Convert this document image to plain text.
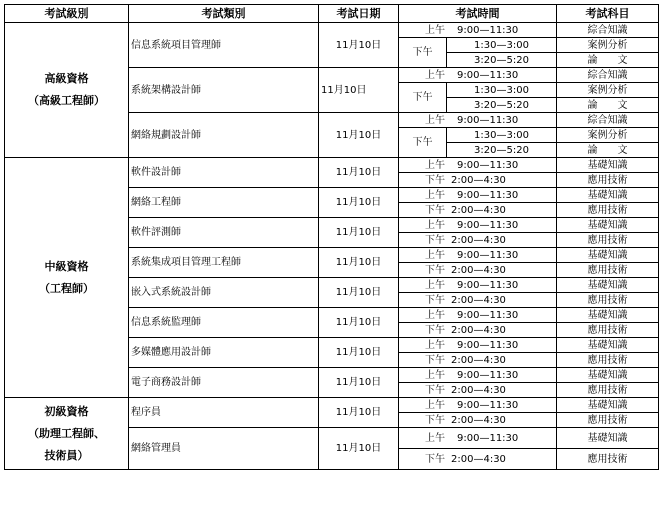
考試級別	考試類別	考試日期	考試時間		考試科目

高級資格
（高級工程師）	信息系統項目管理師	11月10日	上午 9:00—11:30		綜合知識
			下午	1:30—3:00	案例分析
				3:20—5:20	論　　文
	系統架構設計師	11月10日	上午 9:00—11:30		綜合知識
			下午	1:30—3:00	案例分析
				3:20—5:20	論　　文
	網絡規劃設計師	11月10日	上午 9:00—11:30		綜合知識
			下午	1:30—3:00	案例分析
				3:20—5:20	論　　文

中級資格
（工程師）	軟件設計師	11月10日	上午 9:00—11:30		基礎知識
			下午 2:00—4:30		應用技術
	網絡工程師	11月10日	上午 9:00—11:30		基礎知識
			下午 2:00—4:30		應用技術
	軟件評測師	11月10日	上午 9:00—11:30		基礎知識
			下午 2:00—4:30		應用技術
	系統集成項目管理工程師	11月10日	上午 9:00—11:30		基礎知識
			下午 2:00—4:30		應用技術
	嵌入式系統設計師	11月10日	上午 9:00—11:30		基礎知識
			下午 2:00—4:30		應用技術
	信息系統監理師	11月10日	上午 9:00—11:30		基礎知識
			下午 2:00—4:30		應用技術
	多媒體應用設計師	11月10日	上午 9:00—11:30		基礎知識
			下午 2:00—4:30		應用技術
	電子商務設計師	11月10日	上午 9:00—11:30		基礎知識
			下午 2:00—4:30		應用技術

初級資格
（助理工程師、
技術員）	程序員	11月10日	上午 9:00—11:30		基礎知識
			下午 2:00—4:30		應用技術
	網絡管理員	11月10日	上午 9:00—11:30		基礎知識
			下午 2:00—4:30		應用技術
